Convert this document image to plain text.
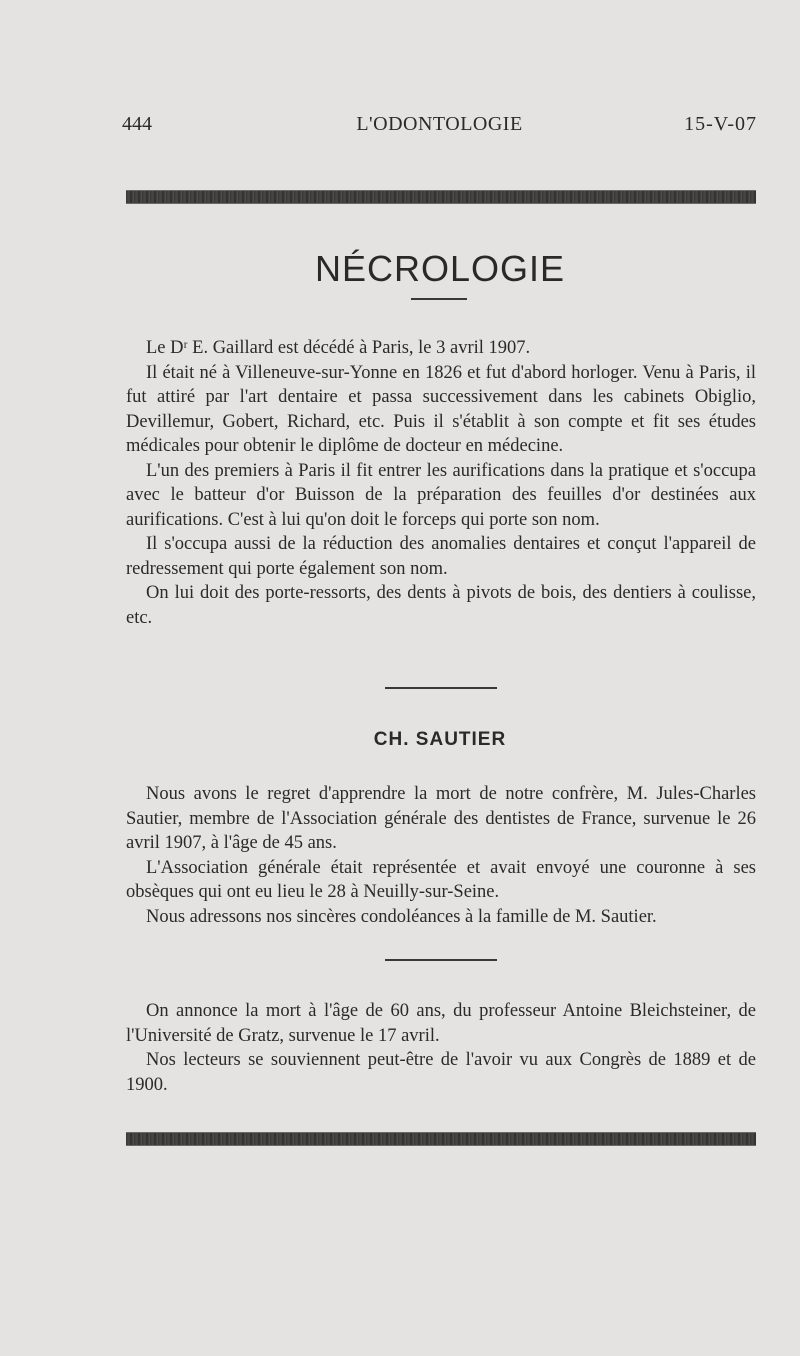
444	L'ODONTOLOGIE	15-V-07
NÉCROLOGIE

Le Dʳ E. Gaillard est décédé à Paris, le 3 avril 1907.

Il était né à Villeneuve-sur-Yonne en 1826 et fut d'abord horloger. Venu à Paris, il fut attiré par l'art dentaire et passa successivement dans les cabinets Obiglio, Devillemur, Gobert, Richard, etc. Puis il s'établit à son compte et fit ses études médicales pour obtenir le diplôme de docteur en médecine.

L'un des premiers à Paris il fit entrer les aurifications dans la pratique et s'occupa avec le batteur d'or Buisson de la préparation des feuilles d'or destinées aux aurifications. C'est à lui qu'on doit le forceps qui porte son nom.

Il s'occupa aussi de la réduction des anomalies dentaires et conçut l'appareil de redressement qui porte également son nom.

On lui doit des porte-ressorts, des dents à pivots de bois, des dentiers à coulisse, etc.

CH. SAUTIER

Nous avons le regret d'apprendre la mort de notre confrère, M. Jules-Charles Sautier, membre de l'Association générale des dentistes de France, survenue le 26 avril 1907, à l'âge de 45 ans.

L'Association générale était représentée et avait envoyé une couronne à ses obsèques qui ont eu lieu le 28 à Neuilly-sur-Seine.

Nous adressons nos sincères condoléances à la famille de M. Sautier.

On annonce la mort à l'âge de 60 ans, du professeur Antoine Bleichsteiner, de l'Université de Gratz, survenue le 17 avril.

Nos lecteurs se souviennent peut-être de l'avoir vu aux Congrès de 1889 et de 1900.
